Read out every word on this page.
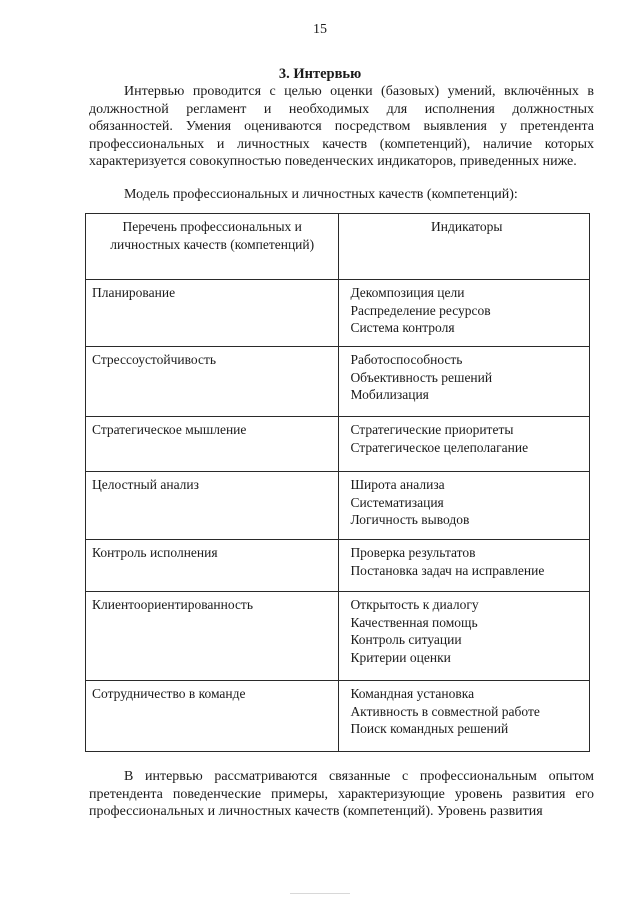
15
3. Интервью
Интервью проводится с целью оценки (базовых) умений, включённых в должностной регламент и необходимых для исполнения должностных обязанностей. Умения оцениваются посредством выявления у претендента профессиональных и личностных качеств (компетенций), наличие которых характеризуется совокупностью поведенческих индикаторов, приведенных ниже.
Модель профессиональных и личностных качеств (компетенций):
Перечень профессиональных и личностных качеств (компетенций)	Индикаторы
Планирование	Декомпозиция цели
Распределение ресурсов
Система контроля

Стрессоустойчивость	Работоспособность
Объективность решений
Мобилизация

Стратегическое мышление	Стратегические приоритеты
Стратегическое целеполагание

Целостный анализ	Широта анализа
Систематизация
Логичность выводов

Контроль исполнения	Проверка результатов
Постановка задач на исправление

Клиентоориентированность	Открытость к диалогу
Качественная помощь
Контроль ситуации
Критерии оценки

Сотрудничество в команде	Командная установка
Активность в совместной работе
Поиск командных решений
В интервью рассматриваются связанные с профессиональным опытом претендента поведенческие примеры, характеризующие уровень развития его профессиональных и личностных качеств (компетенций). Уровень развития
